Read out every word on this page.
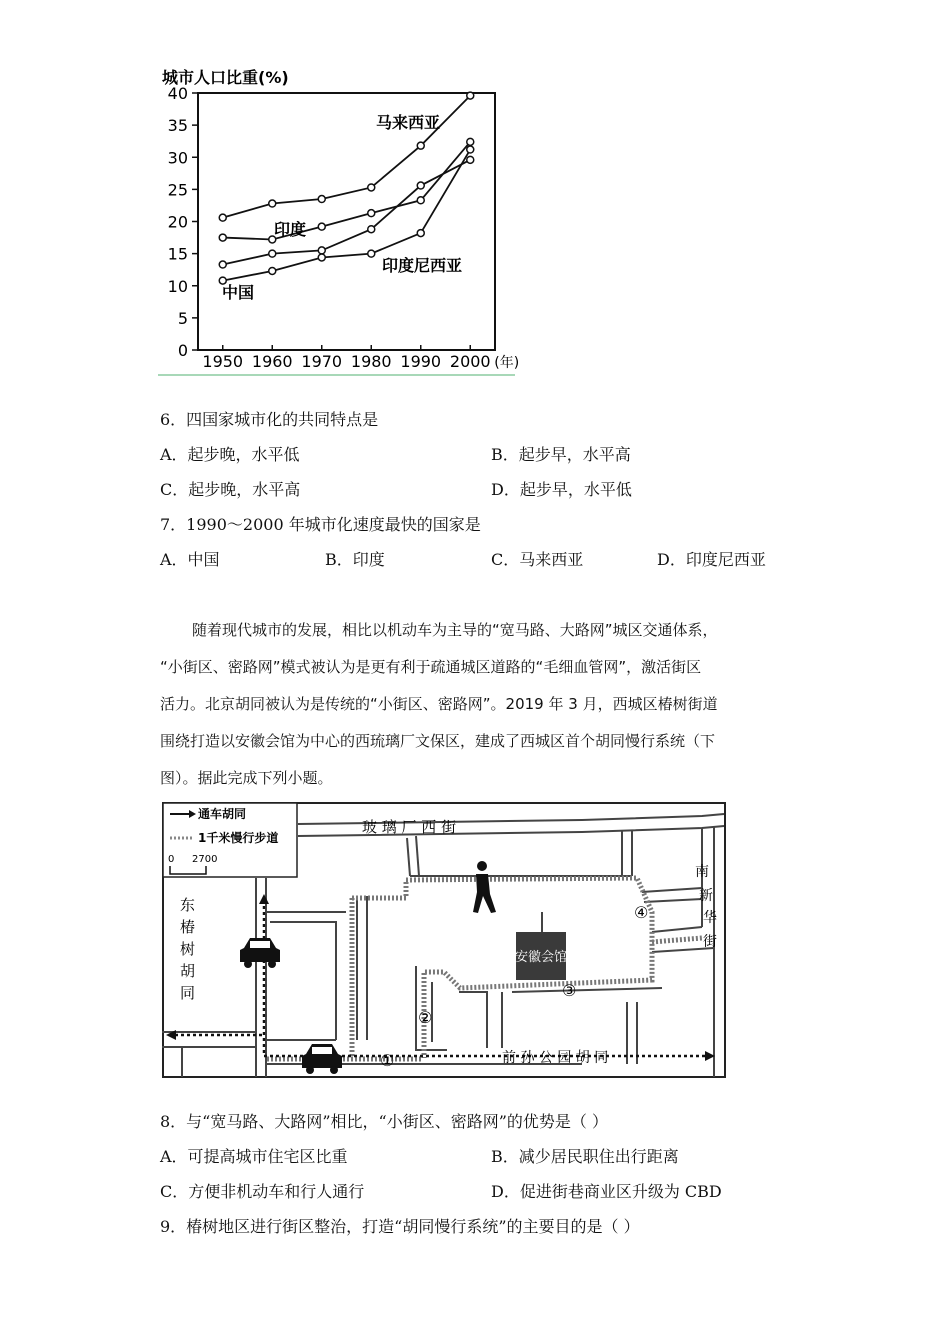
城市人口比重(%)
0
5
10
15
20
25
30
35
40
1950 1960 1970 1980 1990 2000 (年)
马来西亚
印度
印度尼西亚
中国
6．四国家城市化的共同特点是
A．起步晚，水平低	B．起步早，水平高
C．起步晚，水平高	D．起步早，水平低
7．1990～2000 年城市化速度最快的国家是
A．中国	B．印度	C．马来西亚	D．印度尼西亚
随着现代城市的发展，相比以机动车为主导的“宽马路、大路网”城区交通体系，
“小街区、密路网”模式被认为是更有利于疏通城区道路的“毛细血管网”，激活街区
活力。北京胡同被认为是传统的“小街区、密路网”。2019 年 3 月，西城区椿树街道
围绕打造以安徽会馆为中心的西琉璃厂文保区，建成了西城区首个胡同慢行系统（下
图）。据此完成下列小题。
安徽会馆
通车胡同
1千米慢行步道
0 2700
玻 璃 厂 西 街
前 孙 公 园 胡 同
东
椿
树
胡
同
南
新
华
街
①
②
③
④
8．与“宽马路、大路网”相比，“小街区、密路网”的优势是（ ）
A．可提高城市住宅区比重	B．减少居民职住出行距离
C．方便非机动车和行人通行	D．促进街巷商业区升级为 CBD
9．椿树地区进行街区整治，打造“胡同慢行系统”的主要目的是（ ）
